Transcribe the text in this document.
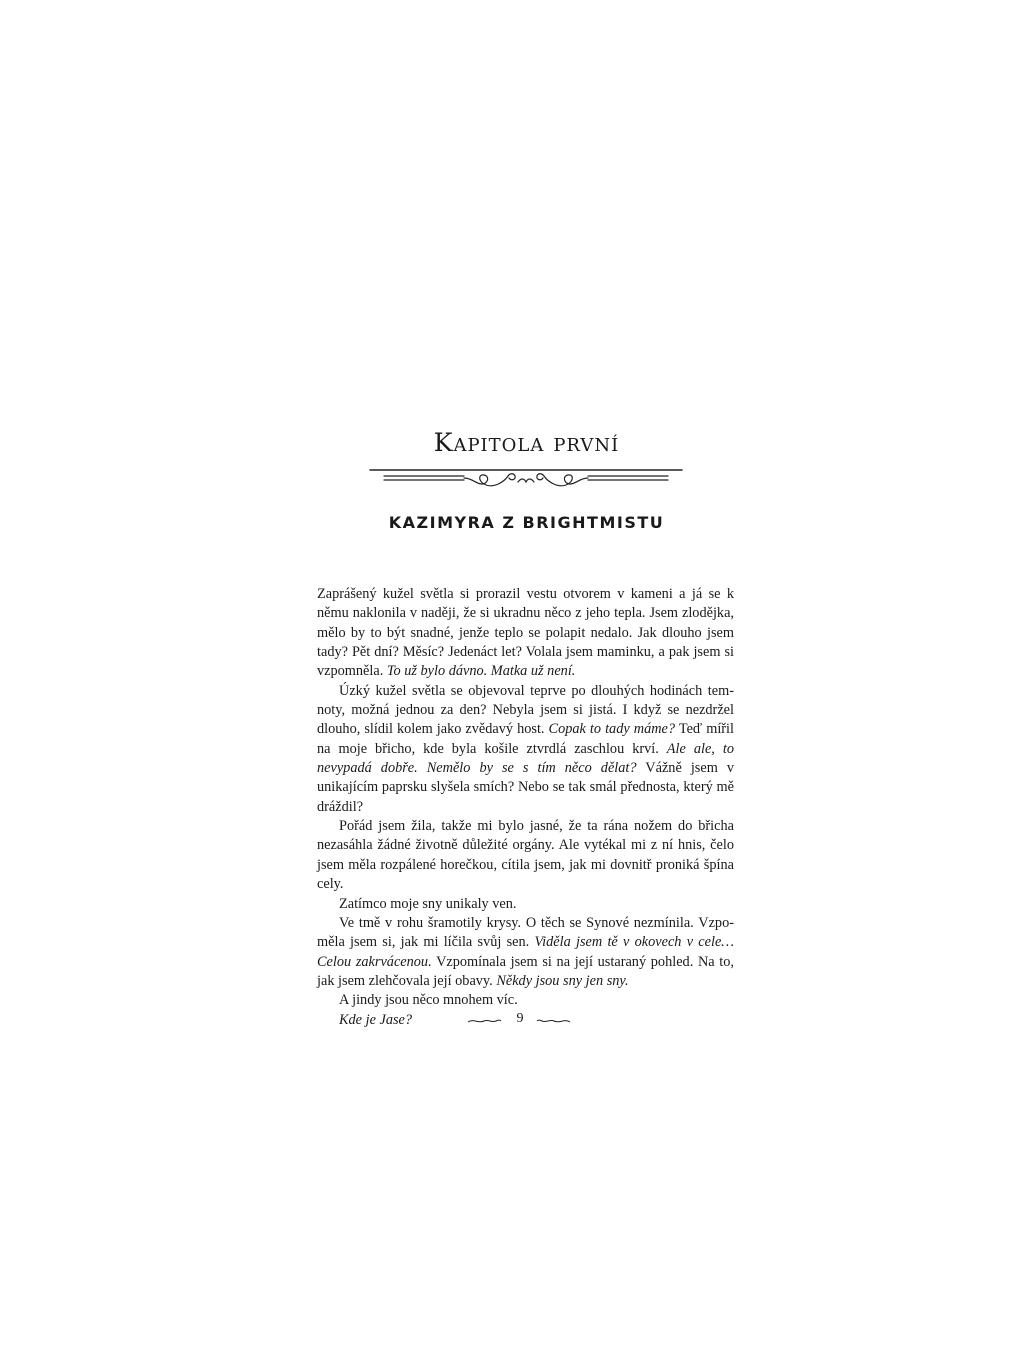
Kapitola první
KAZIMYRA Z BRIGHTMISTU

Zaprášený kužel světla si prorazil vestu otvorem v kameni a já se k němu naklonila v naději, že si ukradnu něco z jeho tepla. Jsem zlodějka, mělo by to být snadné, jenže teplo se polapit nedalo. Jak dlouho jsem tady? Pět dní? Měsíc? Jedenáct let? Volala jsem maminku, a pak jsem si vzpomněla. To už bylo dávno. Matka už není.

Úzký kužel světla se objevoval teprve po dlouhých hodinách temnoty, možná jednou za den? Nebyla jsem si jistá. I když se nezdržel dlouho, slídil kolem jako zvědavý host. Copak to tady máme? Teď mířil na moje břicho, kde byla košile ztvrdlá zaschlou krví. Ale ale, to nevypadá dobře. Nemělo by se s tím něco dělat? Vážně jsem v unikajícím paprsku slyšela smích? Nebo se tak smál přednosta, který mě dráždil?

Pořád jsem žila, takže mi bylo jasné, že ta rána nožem do břicha nezasáhla žádné životně důležité orgány. Ale vytékal mi z ní hnis, čelo jsem měla rozpálené horečkou, cítila jsem, jak mi dovnitř proniká špína cely.

Zatímco moje sny unikaly ven.

Ve tmě v rohu šramotily krysy. O těch se Synové nezmínila. Vzpoměla jsem si, jak mi líčila svůj sen. Viděla jsem tě v okovech v cele… Celou zakrvácenou. Vzpomínala jsem si na její ustaraný pohled. Na to, jak jsem zlehčovala její obavy. Někdy jsou sny jen sny.

A jindy jsou něco mnohem víc.

Kde je Jase?	9
